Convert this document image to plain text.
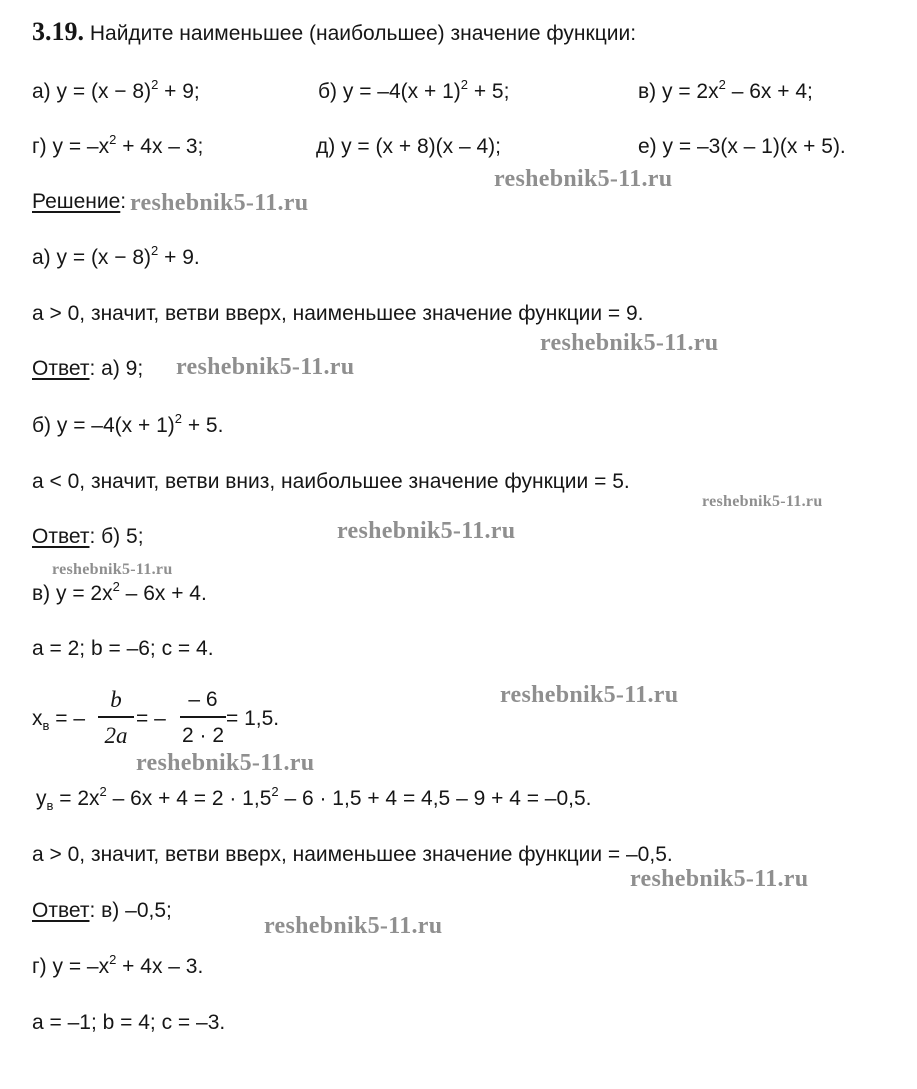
3.19. Найдите наименьшее (наибольшее) значение функции:
а) $y = (x - 8)^2 + 9$;	б) $y = -4(x + 1)^2 + 5$;	в) $y = 2x^2 - 6x + 4$;
г) $y = -x^2 + 4x - 3$;	д) y = (x + 8)(x – 4);	е) y = –3(x – 1)(x + 5).
Решение:
а) $y = (x - 8)^2 + 9$.
a > 0, значит, ветви вверх, наименьшее значение функции = 9.
Ответ: а) 9;
б) $y = -4(x + 1)^2 + 5$.
a < 0, значит, ветви вниз, наибольшее значение функции = 5.
Ответ: б) 5;
в) $y = 2x^2 - 6x + 4$.
a = 2; b = –6; c = 4.
$x_в$ = –
b
2a
= –
– 6
2 · 2
= 1,5.
$y_в = 2x^2 - 6x + 4 = 2 \cdot 1,5^2 - 6 \cdot 1,5 + 4 = 4,5 - 9 + 4 = -0,5$.
a > 0, значит, ветви вверх, наименьшее значение функции = –0,5.
Ответ: в) –0,5;
г) $y = -x^2 + 4x - 3$.
a = –1; b = 4; c = –3.
reshebnik5-11.ru
reshebnik5-11.ru
reshebnik5-11.ru
reshebnik5-11.ru
reshebnik5-11.ru
reshebnik5-11.ru
reshebnik5-11.ru
reshebnik5-11.ru
reshebnik5-11.ru
reshebnik5-11.ru
reshebnik5-11.ru
